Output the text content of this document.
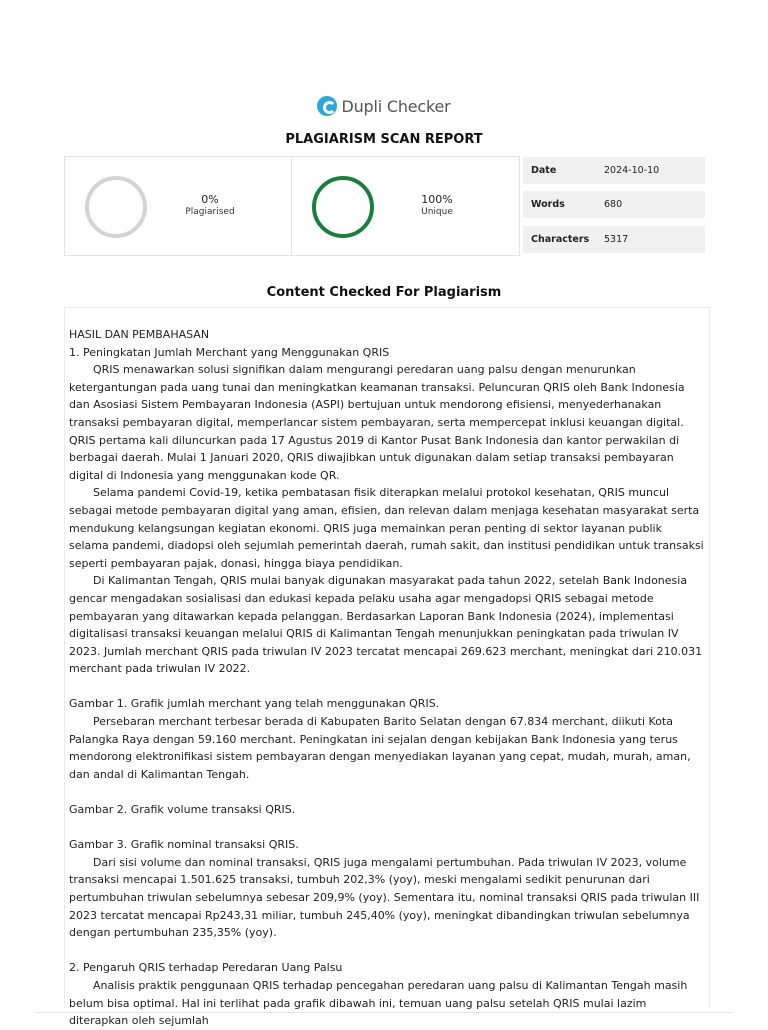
Dupli Checker
PLAGIARISM SCAN REPORT
0%
Plagiarised
100%
Unique
Date	2024-10-10
Words	680
Characters 5317
Content Checked For Plagiarism

HASIL DAN PEMBAHASAN

1. Peningkatan Jumlah Merchant yang Menggunakan QRIS

QRIS menawarkan solusi signifikan dalam mengurangi peredaran uang palsu dengan menurunkan ketergantungan pada uang tunai dan meningkatkan keamanan transaksi. Peluncuran QRIS oleh Bank Indonesia dan Asosiasi Sistem Pembayaran Indonesia (ASPI) bertujuan untuk mendorong efisiensi, menyederhanakan transaksi pembayaran digital, memperlancar sistem pembayaran, serta mempercepat inklusi keuangan digital. QRIS pertama kali diluncurkan pada 17 Agustus 2019 di Kantor Pusat Bank Indonesia dan kantor perwakilan di berbagai daerah. Mulai 1 Januari 2020, QRIS diwajibkan untuk digunakan dalam setiap transaksi pembayaran digital di Indonesia yang menggunakan kode QR.

Selama pandemi Covid-19, ketika pembatasan fisik diterapkan melalui protokol kesehatan, QRIS muncul sebagai metode pembayaran digital yang aman, efisien, dan relevan dalam menjaga kesehatan masyarakat serta mendukung kelangsungan kegiatan ekonomi. QRIS juga memainkan peran penting di sektor layanan publik selama pandemi, diadopsi oleh sejumlah pemerintah daerah, rumah sakit, dan institusi pendidikan untuk transaksi seperti pembayaran pajak, donasi, hingga biaya pendidikan.

Di Kalimantan Tengah, QRIS mulai banyak digunakan masyarakat pada tahun 2022, setelah Bank Indonesia gencar mengadakan sosialisasi dan edukasi kepada pelaku usaha agar mengadopsi QRIS sebagai metode pembayaran yang ditawarkan kepada pelanggan. Berdasarkan Laporan Bank Indonesia (2024), implementasi digitalisasi transaksi keuangan melalui QRIS di Kalimantan Tengah menunjukkan peningkatan pada triwulan IV 2023. Jumlah merchant QRIS pada triwulan IV 2023 tercatat mencapai 269.623 merchant, meningkat dari 210.031 merchant pada triwulan IV 2022.

Gambar 1. Grafik jumlah merchant yang telah menggunakan QRIS.

Persebaran merchant terbesar berada di Kabupaten Barito Selatan dengan 67.834 merchant, diikuti Kota Palangka Raya dengan 59.160 merchant. Peningkatan ini sejalan dengan kebijakan Bank Indonesia yang terus mendorong elektronifikasi sistem pembayaran dengan menyediakan layanan yang cepat, mudah, murah, aman, dan andal di Kalimantan Tengah.

Gambar 2. Grafik volume transaksi QRIS.

Gambar 3. Grafik nominal transaksi QRIS.

Dari sisi volume dan nominal transaksi, QRIS juga mengalami pertumbuhan. Pada triwulan IV 2023, volume transaksi mencapai 1.501.625 transaksi, tumbuh 202,3% (yoy), meski mengalami sedikit penurunan dari pertumbuhan triwulan sebelumnya sebesar 209,9% (yoy). Sementara itu, nominal transaksi QRIS pada triwulan III 2023 tercatat mencapai Rp243,31 miliar, tumbuh 245,40% (yoy), meningkat dibandingkan triwulan sebelumnya dengan pertumbuhan 235,35% (yoy).

2. Pengaruh QRIS terhadap Peredaran Uang Palsu

Analisis praktik penggunaan QRIS terhadap pencegahan peredaran uang palsu di Kalimantan Tengah masih belum bisa optimal. Hal ini terlihat pada grafik dibawah ini, temuan uang palsu setelah QRIS mulai lazim diterapkan oleh sejumlah
